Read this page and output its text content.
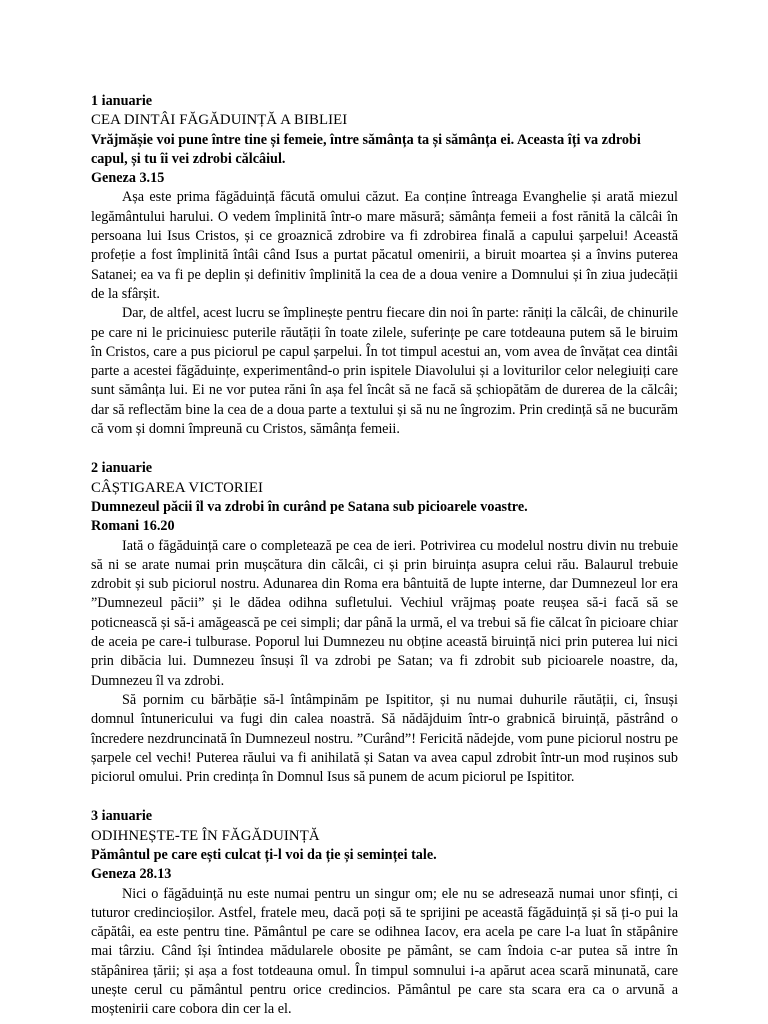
1 ianuarie
CEA DINTÂI FĂGĂDUINȚĂ A BIBLIEI
Vrăjmășie voi pune între tine și femeie, între sămânța ta și sămânța ei. Aceasta îți va zdrobi capul, și tu îi vei zdrobi călcâiul.
Geneza 3.15

Așa este prima făgăduință făcută omului căzut. Ea conține întreaga Evanghelie și arată miezul legământului harului. O vedem împlinită într-o mare măsură; sămânța femeii a fost rănită la călcâi în persoana lui Isus Cristos, și ce groaznică zdrobire va fi zdrobirea finală a capului șarpelui! Această profeție a fost împlinită întâi când Isus a purtat păcatul omenirii, a biruit moartea și a învins puterea Satanei; ea va fi pe deplin și definitiv împlinită la cea de a doua venire a Domnului și în ziua judecății de la sfârșit.

Dar, de altfel, acest lucru se împlinește pentru fiecare din noi în parte: răniți la călcâi, de chinurile pe care ni le pricinuiesc puterile răutății în toate zilele, suferințe pe care totdeauna putem să le biruim în Cristos, care a pus piciorul pe capul șarpelui. În tot timpul acestui an, vom avea de învățat cea dintâi parte a acestei făgăduințe, experimentând-o prin ispitele Diavolului și a loviturilor celor nelegiuiți care sunt sămânța lui. Ei ne vor putea răni în așa fel încât să ne facă să șchiopătăm de durerea de la călcâi; dar să reflectăm bine la cea de a doua parte a textului și să nu ne îngrozim. Prin credință să ne bucurăm că vom și domni împreună cu Cristos, sămânța femeii.

2 ianuarie
CÂȘTIGAREA VICTORIEI
Dumnezeul păcii îl va zdrobi în curând pe Satana sub picioarele voastre.
Romani 16.20

Iată o făgăduință care o completează pe cea de ieri. Potrivirea cu modelul nostru divin nu trebuie să ni se arate numai prin mușcătura din călcâi, ci și prin biruința asupra celui rău. Balaurul trebuie zdrobit și sub piciorul nostru. Adunarea din Roma era bântuită de lupte interne, dar Dumnezeul lor era ”Dumnezeul păcii” și le dădea odihna sufletului. Vechiul vrăjmaș poate reușea să-i facă să se poticnească și să-i amăgească pe cei simpli; dar până la urmă, el va trebui să fie călcat în picioare chiar de aceia pe care-i tulburase. Poporul lui Dumnezeu nu obține această biruință nici prin puterea lui nici prin dibăcia lui. Dumnezeu însuși îl va zdrobi pe Satan; va fi zdrobit sub picioarele noastre, da, Dumnezeu îl va zdrobi.

Să pornim cu bărbăție să-l întâmpinăm pe Ispititor, și nu numai duhurile răutății, ci, însuși domnul întunericului va fugi din calea noastră. Să nădăjduim într-o grabnică biruință, păstrând o încredere nezdruncinată în Dumnezeul nostru. ”Curând”! Fericită nădejde, vom pune piciorul nostru pe șarpele cel vechi! Puterea răului va fi anihilată și Satan va avea capul zdrobit într-un mod rușinos sub piciorul omului. Prin credința în Domnul Isus să punem de acum piciorul pe Ispititor.

3 ianuarie
ODIHNEȘTE-TE ÎN FĂGĂDUINȚĂ
Pământul pe care ești culcat ți-l voi da ție și seminței tale.
Geneza 28.13

Nici o făgăduință nu este numai pentru un singur om; ele nu se adresează numai unor sfinți, ci tuturor credincioșilor. Astfel, fratele meu, dacă poți să te sprijini pe această făgăduință și să ți-o pui la căpătâi, ea este pentru tine. Pământul pe care se odihnea Iacov, era acela pe care l-a luat în stăpânire mai târziu. Când își întindea mădularele obosite pe pământ, se cam îndoia c-ar putea să intre în stăpânirea țării; și așa a fost totdeauna omul. În timpul somnului i-a apărut acea scară minunată, care unește cerul cu pământul pentru orice credincios. Pământul pe care sta scara era ca o arvună a moștenirii care cobora din cer la el.
